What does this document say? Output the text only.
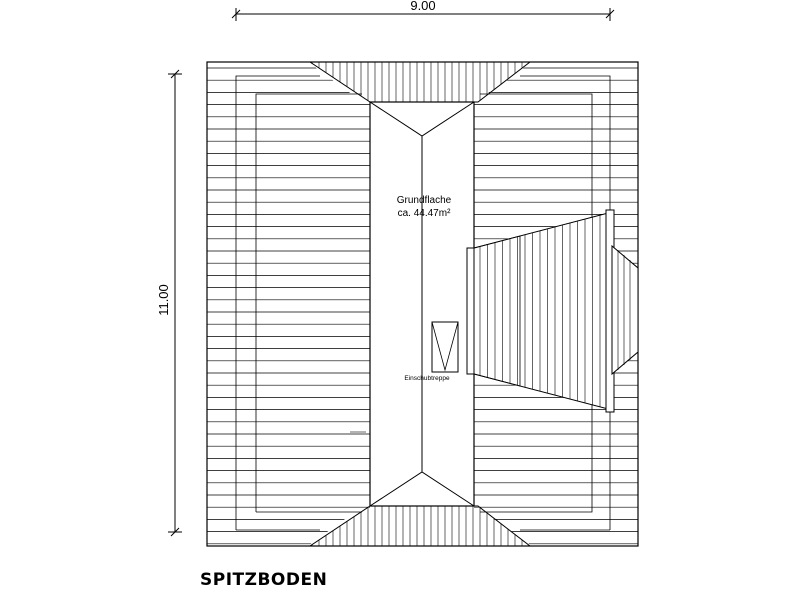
9.00
11.00
Einschubtreppe
Grundflache
ca. 44.47m²
SPITZBODEN
